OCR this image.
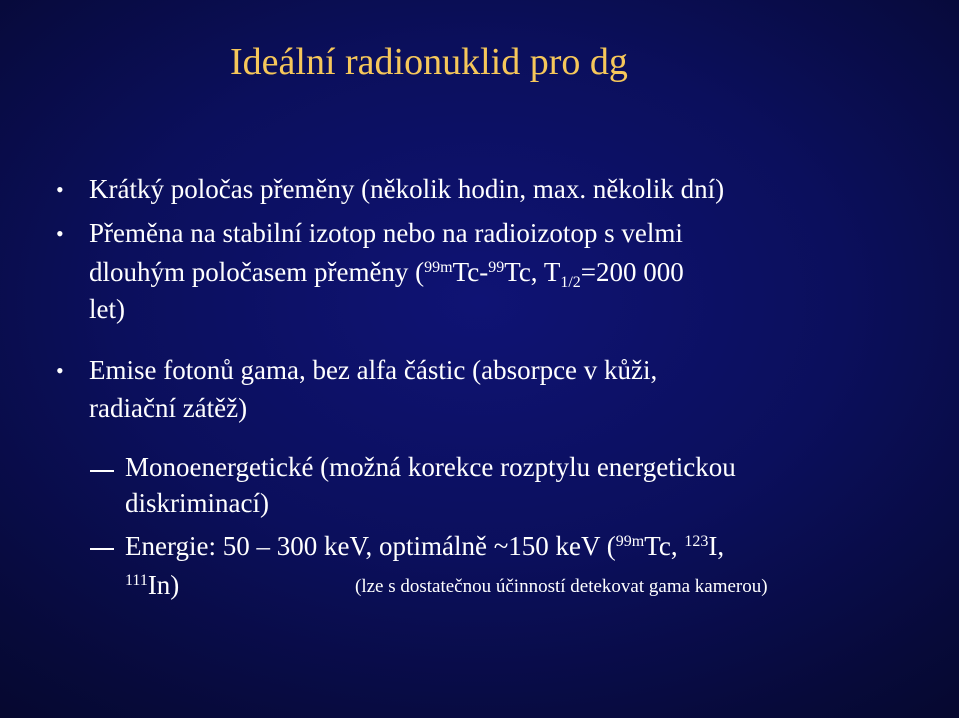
Ideální radionuklid pro dg
• Krátký poločas přeměny (několik hodin, max. několik dní)
• Přeměna na stabilní izotop nebo na radioizotop s velmi
dlouhým poločasem přeměny ($^{99m}$Tc-$^{99}$Tc, $T_{1/2}=200$ 000
let)
• Emise fotonů gama, bez alfa částic (absorpce v kůži,
radiační zátěž)
Monoenergetické (možná korekce rozptylu energetickou
diskriminací)
Energie: 50 – 300 keV, optimálně ~150 keV ($^{99m}$Tc, $^{123}$I,
$^{111}$In)	(lze s dostatečnou účinností detekovat gama kamerou)
